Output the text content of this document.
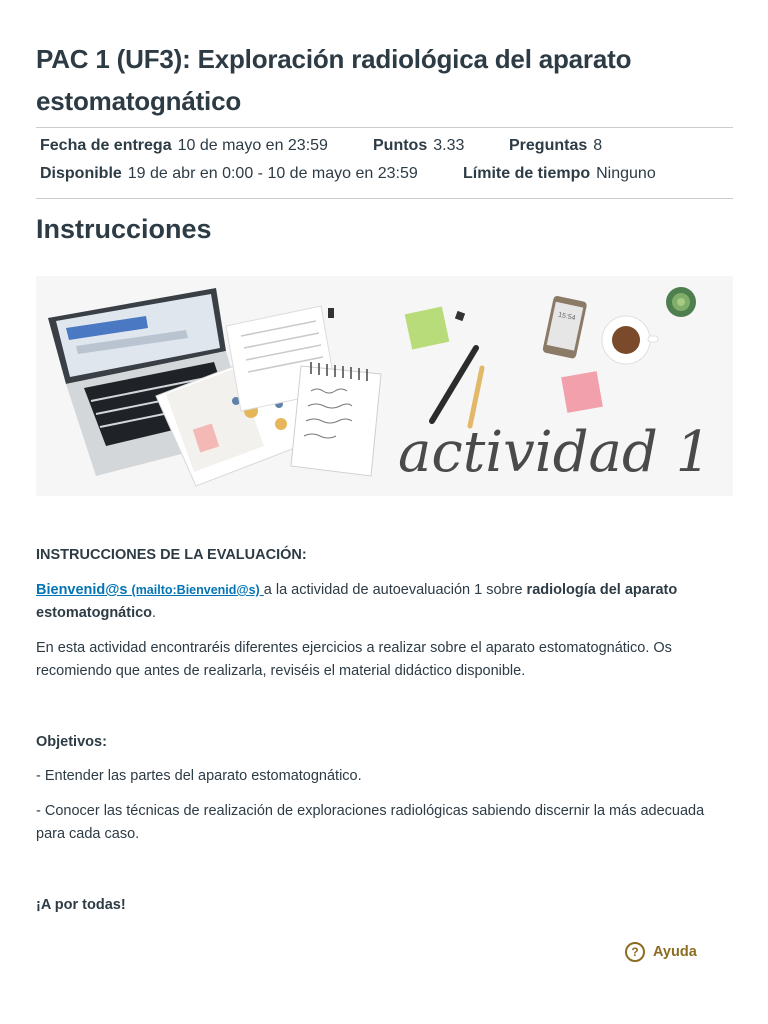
PAC 1 (UF3): Exploración radiológica del aparato estomatognático
Fecha de entrega 10 de mayo en 23:59	Puntos 3.33	Preguntas 8
Disponible 19 de abr en 0:00 - 10 de mayo en 23:59	Límite de tiempo Ninguno
Instrucciones
15:54
actividad 1
INSTRUCCIONES DE LA EVALUACIÓN:
Bienvenid@s (mailto:Bienvenid@s) a la actividad de autoevaluación 1 sobre radiología del aparato estomatognático.
En esta actividad encontraréis diferentes ejercicios a realizar sobre el aparato estomatognático. Os recomiendo que antes de realizarla, reviséis el material didáctico disponible.
Objetivos:
- Entender las partes del aparato estomatognático.
- Conocer las técnicas de realización de exploraciones radiológicas sabiendo discernir la más adecuada para cada caso.
¡A por todas!
? Ayuda
